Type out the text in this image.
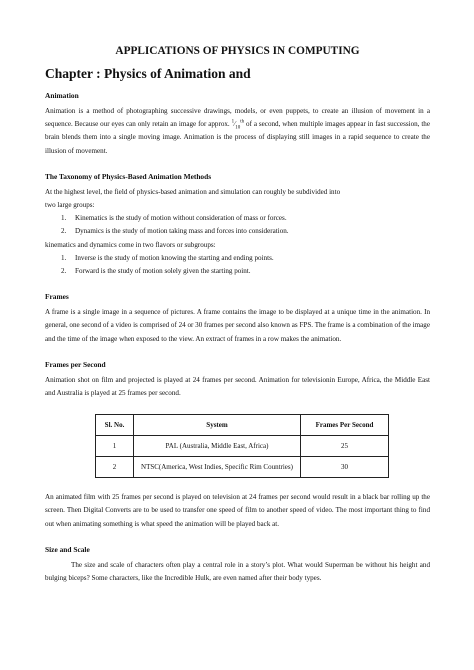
APPLICATIONS OF PHYSICS IN COMPUTING
Chapter : Physics of Animation and
Animation

Animation is a method of photographing successive drawings, models, or even puppets, to create an illusion of movement in a sequence. Because our eyes can only retain an image for approx. $^1⁄_{10}^{th}$ of a second, when multiple images appear in fast succession, the brain blends them into a single moving image. Animation is the process of displaying still images in a rapid sequence to create the illusion of movement.

The Taxonomy of Physics-Based Animation Methods
At the highest level, the field of physics-based animation and simulation can roughly be subdivided into
two large groups:
1. Kinematics is the study of motion without consideration of mass or forces.
2. Dynamics is the study of motion taking mass and forces into consideration.
kinematics and dynamics come in two flavors or subgroups:
1. Inverse is the study of motion knowing the starting and ending points.
2. Forward is the study of motion solely given the starting point.
Frames

A frame is a single image in a sequence of pictures. A frame contains the image to be displayed at a unique time in the animation. In general, one second of a video is comprised of 24 or 30 frames per second also known as FPS. The frame is a combination of the image and the time of the image when exposed to the view. An extract of frames in a row makes the animation.

Frames per Second

Animation shot on film and projected is played at 24 frames per second. Animation for televisionin Europe, Africa, the Middle East and Australia is played at 25 frames per second.

Sl. No.	System	Frames Per Second
1	PAL (Australia, Middle East, Africa)	25
2	NTSC(America, West Indies, Specific Rim Countries)	30

An animated film with 25 frames per second is played on television at 24 frames per second would result in a black bar rolling up the screen. Then Digital Converts are to be used to transfer one speed of film to another speed of video. The most important thing to find out when animating something is what speed the animation will be played back at.

Size and Scale

The size and scale of characters often play a central role in a story’s plot. What would Superman be without his height and bulging biceps? Some characters, like the Incredible Hulk, are even named after their body types.
